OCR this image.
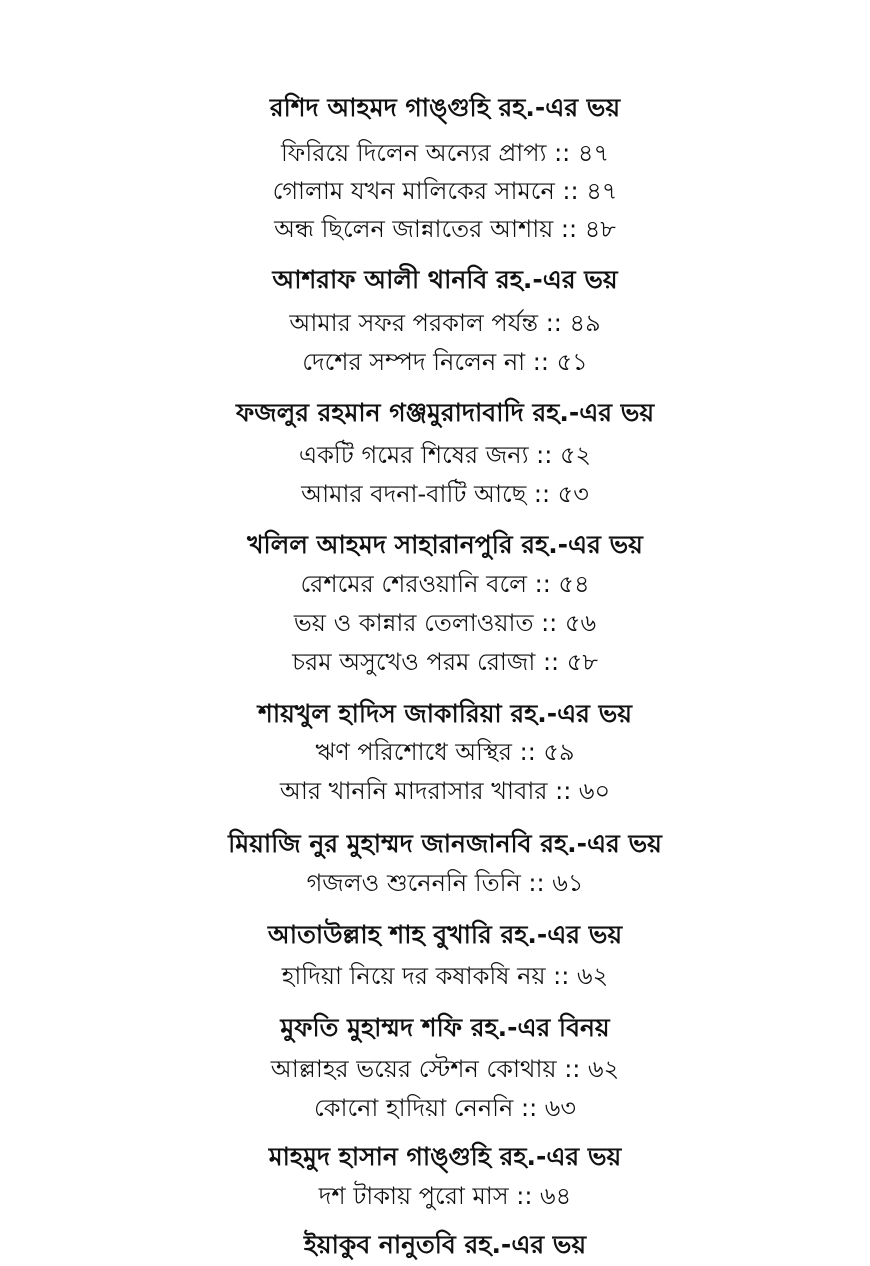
রশিদ আহমদ গাঙ্গুহি রহ.-এর ভয়
ফিরিয়ে দিলেন অন্যের প্রাপ্য :: ৪৭
গোলাম যখন মালিকের সামনে :: ৪৭
অন্ধ ছিলেন জান্নাতের আশায় :: ৪৮
আশরাফ আলী থানবি রহ.-এর ভয়
আমার সফর পরকাল পর্যন্ত :: ৪৯
দেশের সম্পদ নিলেন না :: ৫১
ফজলুর রহমান গঞ্জমুরাদাবাদি রহ.-এর ভয়
একটি গমের শিষের জন্য :: ৫২
আমার বদনা-বাটি আছে :: ৫৩
খলিল আহমদ সাহারানপুরি রহ.-এর ভয়
রেশমের শেরওয়ানি বলে :: ৫৪
ভয় ও কান্নার তেলাওয়াত :: ৫৬
চরম অসুখেও পরম রোজা :: ৫৮
শায়খুল হাদিস জাকারিয়া রহ.-এর ভয়
ঋণ পরিশোধে অস্থির :: ৫৯
আর খাননি মাদরাসার খাবার :: ৬০
মিয়াজি নুর মুহাম্মদ জানজানবি রহ.-এর ভয়
গজলও শুনেননি তিনি :: ৬১
আতাউল্লাহ শাহ বুখারি রহ.-এর ভয়
হাদিয়া নিয়ে দর কষাকষি নয় :: ৬২
মুফতি মুহাম্মদ শফি রহ.-এর বিনয়
আল্লাহর ভয়ের স্টেশন কোথায় :: ৬২
কোনো হাদিয়া নেননি :: ৬৩
মাহমুদ হাসান গাঙ্গুহি রহ.-এর ভয়
দশ টাকায় পুরো মাস :: ৬৪
ইয়াকুব নানুতবি রহ.-এর ভয়
